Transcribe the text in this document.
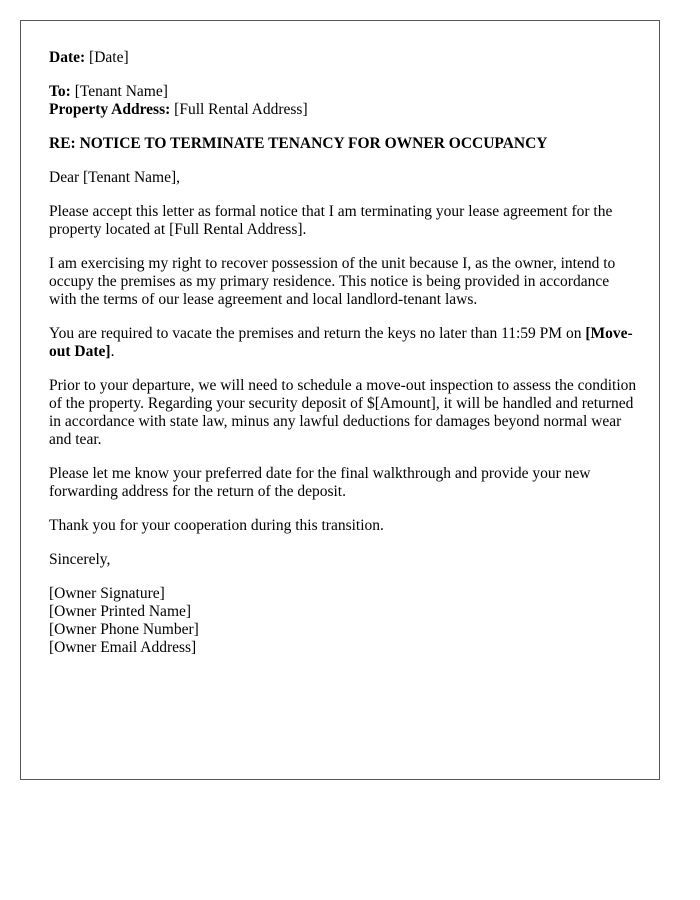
Date: [Date]
To: [Tenant Name]
Property Address: [Full Rental Address]
RE: NOTICE TO TERMINATE TENANCY FOR OWNER OCCUPANCY

Dear [Tenant Name],

Please accept this letter as formal notice that I am terminating your lease agreement for the property located at [Full Rental Address].

I am exercising my right to recover possession of the unit because I, as the owner, intend to occupy the premises as my primary residence. This notice is being provided in accordance with the terms of our lease agreement and local landlord-tenant laws.

You are required to vacate the premises and return the keys no later than 11:59 PM on [Move-out Date].

Prior to your departure, we will need to schedule a move-out inspection to assess the condition of the property. Regarding your security deposit of $[Amount], it will be handled and returned in accordance with state law, minus any lawful deductions for damages beyond normal wear and tear.

Please let me know your preferred date for the final walkthrough and provide your new forwarding address for the return of the deposit.

Thank you for your cooperation during this transition.

Sincerely,

[Owner Signature]
[Owner Printed Name]
[Owner Phone Number]
[Owner Email Address]
